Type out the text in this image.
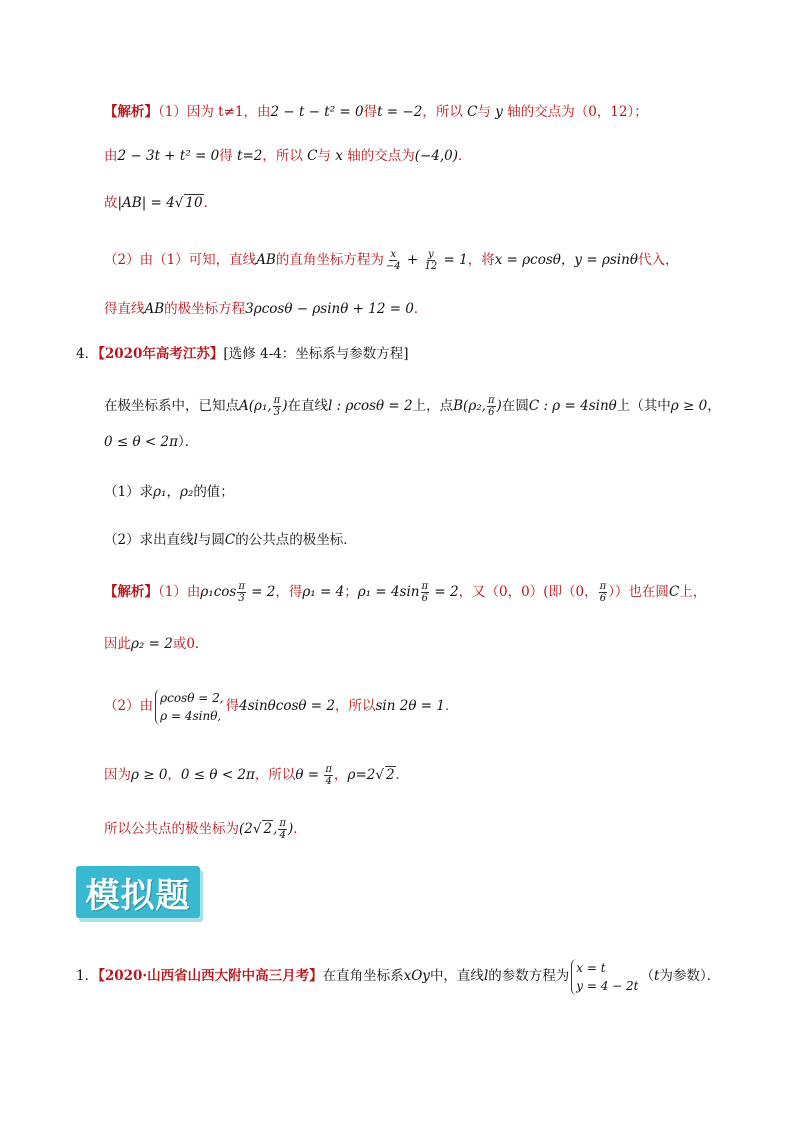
【解析】（1）因为 t≠1，由2 − t − t² = 0得t = −2，所以 C与 y 轴的交点为（0，12）；
由2 − 3t + t² = 0得 t=2，所以 C与 x 轴的交点为(−4,0)．
故|AB| = 4√ 10．
（2）由（1）可知，直线AB的直角坐标方程为 $\frac{x}{-4} + \frac{y}{12} = 1$，将x = ρcosθ，y = ρsinθ代入，
得直线AB的极坐标方程3ρcosθ − ρsinθ + 12 = 0．
4．【2020年高考江苏】[选修 4-4：坐标系与参数方程]
在极坐标系中，已知点A(ρ₁, $\frac{\pi}{3}$ )在直线l : ρcosθ = 2上，点B(ρ₂, $\frac{\pi}{6}$ )在圆C : ρ = 4sinθ上（其中ρ ≥ 0，
0 ≤ θ < 2π）．
（1）求ρ₁，ρ₂的值；
（2）求出直线l与圆C的公共点的极坐标．
【解析】（1）由$\rho_1\cos \frac{\pi}{3} = 2$，得ρ₁ = 4；$\rho_1 = 4\sin \frac{\pi}{6} = 2$，又（0，0）(即（0， $\frac{\pi}{6}$ ））也在圆C上，
因此ρ₂ = 2或0．
（2）由
ρcosθ = 2,
ρ = 4sinθ,
得4sinθcosθ = 2，所以sin 2θ = 1．
因为ρ ≥ 0，0 ≤ θ < 2π，所以$\theta = \frac{\pi}{4}$ ，ρ=2√ 2．
所以公共点的极坐标为(2√ 2, $\frac{\pi}{4}$ )．
模拟题
1．【2020·山西省山西大附中高三月考】在直角坐标系xOy中，直线l的参数方程为
x = t
y = 4 − 2t
（t为参数）．
